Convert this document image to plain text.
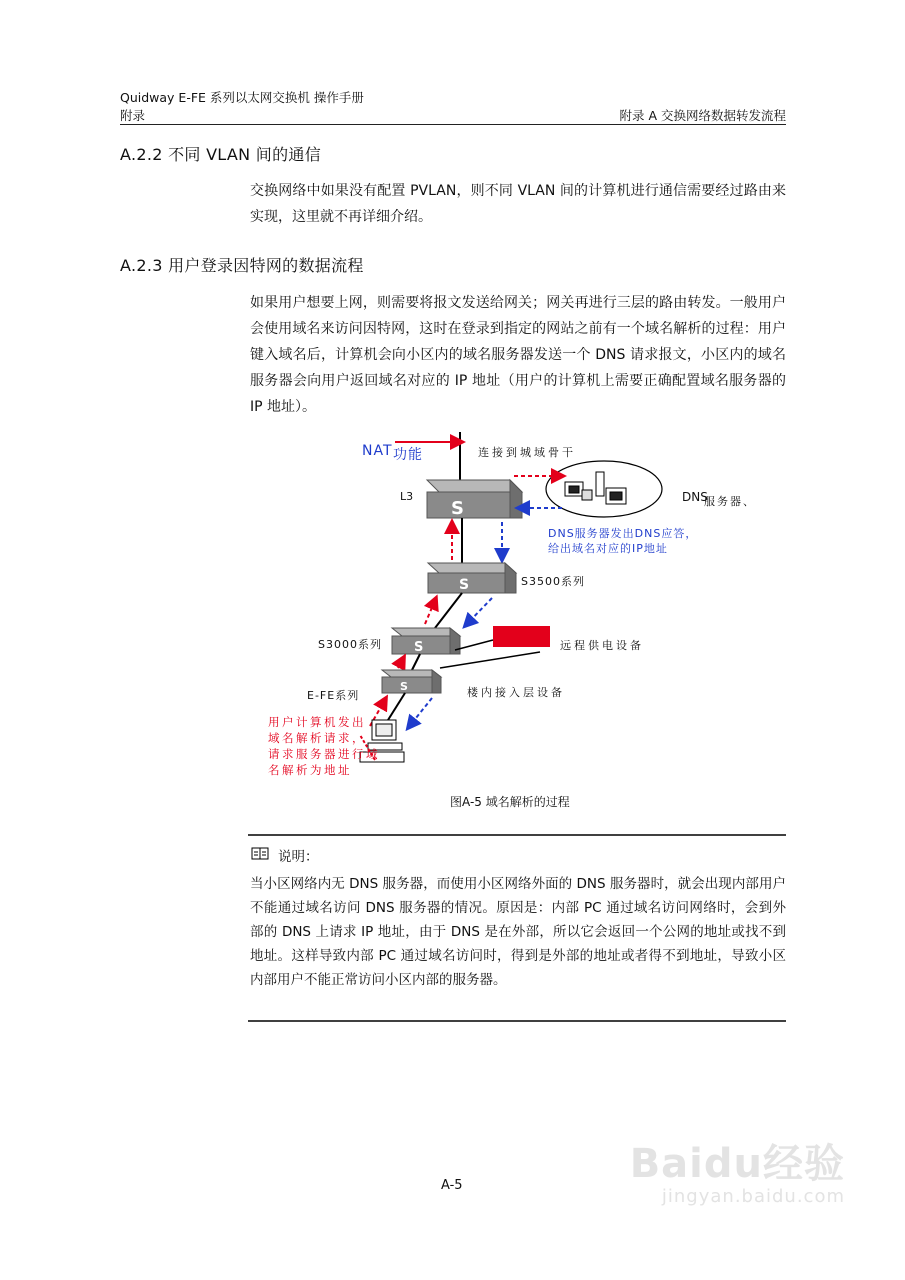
Quidway E-FE 系列以太网交换机 操作手册
附录	附录 A 交换网络数据转发流程
A.2.2 不同 VLAN 间的通信

交换网络中如果没有配置 PVLAN，则不同 VLAN 间的计算机进行通信需要经过路由来实现，这里就不再详细介绍。

A.2.3 用户登录因特网的数据流程

如果用户想要上网，则需要将报文发送给网关；网关再进行三层的路由转发。一般用户会使用域名来访问因特网，这时在登录到指定的网站之前有一个域名解析的过程：用户键入域名后，计算机会向小区内的域名服务器发送一个 DNS 请求报文，小区内的域名服务器会向用户返回域名对应的 IP 地址（用户的计算机上需要正确配置域名服务器的 IP 地址）。

NAT 功能	连接到城域骨干
S
L3	DNS
服务器、
DNS服务器发出DNS应答，
给出域名对应的IP地址
S	S3500系列
S
S3000系列	远程供电设备
S
E-FE系列	楼内接入层设备
用户计算机发出
域名解析请求，
请求服务器进行域
名解析为地址
图A-5 域名解析的过程
说明：

当小区网络内无 DNS 服务器，而使用小区网络外面的 DNS 服务器时，就会出现内部用户不能通过域名访问 DNS 服务器的情况。原因是：内部 PC 通过域名访问网络时，会到外部的 DNS 上请求 IP 地址，由于 DNS 是在外部，所以它会返回一个公网的地址或找不到地址。这样导致内部 PC 通过域名访问时，得到是外部的地址或者得不到地址，导致小区内部用户不能正常访问小区内部的服务器。

A-5	Baidu经验
jingyan.baidu.com
